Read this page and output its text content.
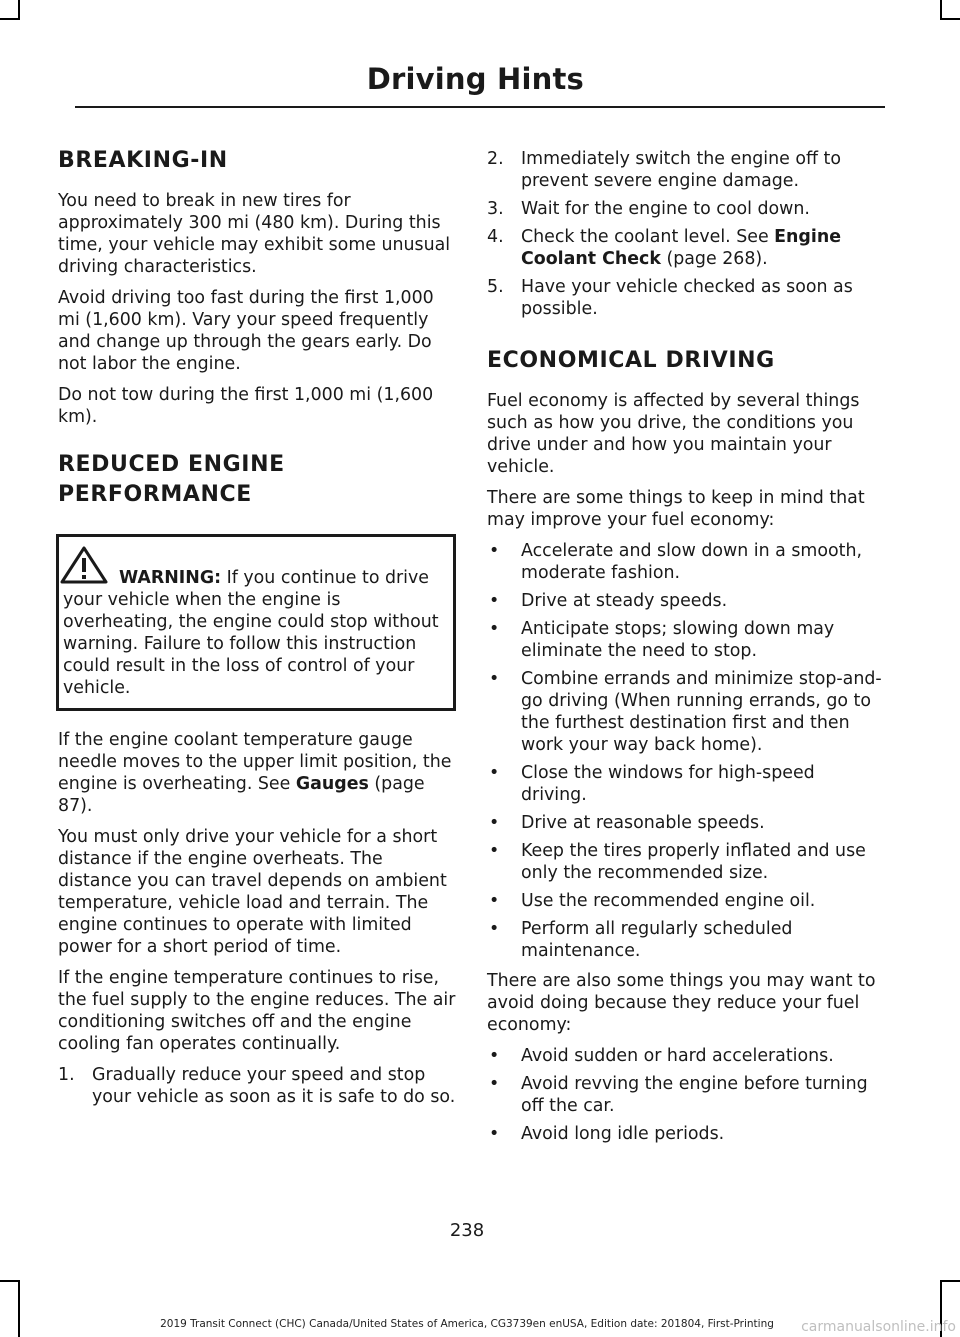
Driving Hints
BREAKING-IN

You need to break in new tires for approximately 300 mi (480 km). During this time, your vehicle may exhibit some unusual driving characteristics.

Avoid driving too fast during the first 1,000 mi (1,600 km). Vary your speed frequently and change up through the gears early. Do not labor the engine.

Do not tow during the first 1,000 mi (1,600 km).

REDUCED ENGINE
PERFORMANCE
WARNING: If you continue to drive your vehicle when the engine is overheating, the engine could stop without warning. Failure to follow this instruction could result in the loss of control of your vehicle.

If the engine coolant temperature gauge needle moves to the upper limit position, the engine is overheating. See Gauges (page 87).

You must only drive your vehicle for a short distance if the engine overheats. The distance you can travel depends on ambient temperature, vehicle load and terrain. The engine continues to operate with limited power for a short period of time.

If the engine temperature continues to rise, the fuel supply to the engine reduces. The air conditioning switches off and the engine cooling fan operates continually.

1. Gradually reduce your speed and stop your vehicle as soon as it is safe to do so.
2. Immediately switch the engine off to prevent severe engine damage.
3. Wait for the engine to cool down.
4. Check the coolant level. See Engine Coolant Check (page 268).
5. Have your vehicle checked as soon as possible.
ECONOMICAL DRIVING

Fuel economy is affected by several things such as how you drive, the conditions you drive under and how you maintain your vehicle.

There are some things to keep in mind that may improve your fuel economy:

• Accelerate and slow down in a smooth, moderate fashion.
• Drive at steady speeds.
• Anticipate stops; slowing down may eliminate the need to stop.
• Combine errands and minimize stop-and-go driving (When running errands, go to the furthest destination first and then work your way back home).
• Close the windows for high-speed driving.
• Drive at reasonable speeds.
• Keep the tires properly inflated and use only the recommended size.
• Use the recommended engine oil.
• Perform all regularly scheduled maintenance.

There are also some things you may want to avoid doing because they reduce your fuel economy:

• Avoid sudden or hard accelerations.
• Avoid revving the engine before turning off the car.
• Avoid long idle periods.
238
2019 Transit Connect (CHC) Canada/United States of America, CG3739en enUSA, Edition date: 201804, First-Printing	carmanualsonline.info
